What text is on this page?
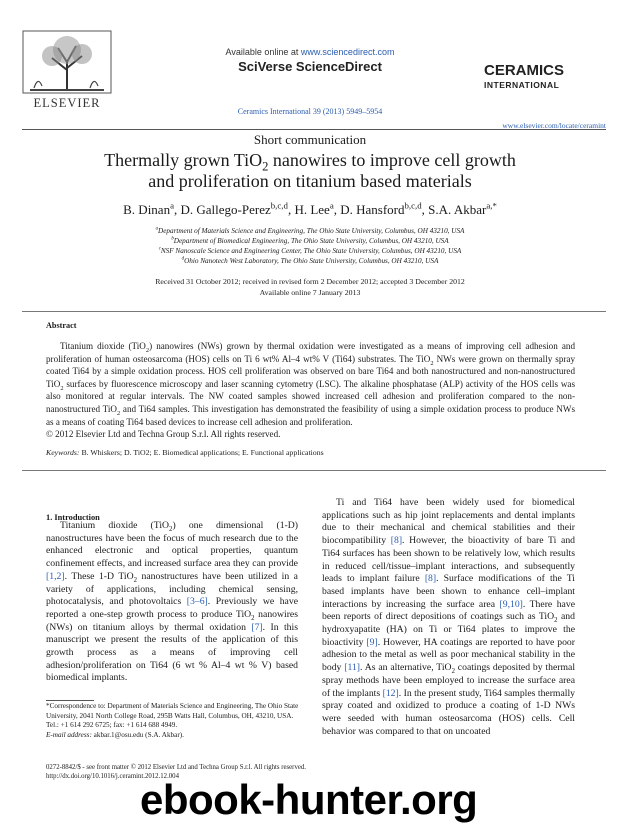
ELSEVIER
Available online at www.sciencedirect.com
SciVerse ScienceDirect
Ceramics International 39 (2013) 5949–5954
CERAMICS
INTERNATIONAL
www.elsevier.com/locate/ceramint
Short communication
Thermally grown TiO$_2$ nanowires to improve cell growth
and proliferation on titanium based materials
B. Dinan$^a$, D. Gallego-Perez$^{b,c,d}$, H. Lee$^a$, D. Hansford$^{b,c,d}$, S.A. Akbar$^{a,*}$
$^a$Department of Materials Science and Engineering, The Ohio State University, Columbus, OH 43210, USA
$^b$Department of Biomedical Engineering, The Ohio State University, Columbus, OH 43210, USA
$^c$NSF Nanoscale Science and Engineering Center, The Ohio State University, Columbus, OH 43210, USA
$^d$Ohio Nanotech West Laboratory, The Ohio State University, Columbus, OH 43210, USA
Received 31 October 2012; received in revised form 2 December 2012; accepted 3 December 2012
Available online 7 January 2013
Abstract
Titanium dioxide (TiO$_2$) nanowires (NWs) grown by thermal oxidation were investigated as a means of improving cell adhesion and proliferation of human osteosarcoma (HOS) cells on Ti 6 wt% Al–4 wt% V (Ti64) substrates. The TiO$_2$ NWs were grown on thermally spray coated Ti64 by a simple oxidation process. HOS cell proliferation was observed on bare Ti64 and both nanostructured and non-nanostructured TiO$_2$ surfaces by fluorescence microscopy and laser scanning cytometry (LSC). The alkaline phosphatase (ALP) activity of the HOS cells was also monitored at regular intervals. The NW coated samples showed increased cell adhesion and proliferation compared to the non-nanostructured TiO$_2$ and Ti64 samples. This investigation has demonstrated the feasibility of using a simple oxidation process to produce NWs as a means of coating Ti64 based devices to increase cell adhesion and proliferation.
© 2012 Elsevier Ltd and Techna Group S.r.l. All rights reserved.
Keywords: B. Whiskers; D. TiO2; E. Biomedical applications; E. Functional applications
1. Introduction

Titanium dioxide (TiO$_2$) one dimensional (1-D) nanostructures have been the focus of much research due to the enhanced electronic and optical properties, quantum confinement effects, and increased surface area they can provide [1,2]. These 1-D TiO$_2$ nanostructures have been utilized in a variety of applications, including chemical sensing, photocatalysis, and photovoltaics [3–6]. Previously we have reported a one-step growth process to produce TiO$_2$ nanowires (NWs) on titanium alloys by thermal oxidation [7]. In this manuscript we present the results of the application of this growth process as a means of improving cell adhesion/proliferation on Ti64 (6 wt % Al–4 wt % V) based biomedical implants.

*Correspondence to: Department of Materials Science and Engineering, The Ohio State University, 2041 North College Road, 295B Watts Hall, Columbus, OH, 43210, USA. Tel.: +1 614 292 6725; fax: +1 614 688 4949.
E-mail address: akbar.1@osu.edu (S.A. Akbar).

Ti and Ti64 have been widely used for biomedical applications such as hip joint replacements and dental implants due to their mechanical and chemical stabilities and their biocompatibility [8]. However, the bioactivity of bare Ti and Ti64 surfaces has been shown to be relatively low, which results in reduced cell/tissue–implant interactions, and subsequently leads to implant failure [8]. Surface modifications of the Ti based implants have been shown to enhance cell–implant interactions by increasing the surface area [9,10]. There have been reports of direct depositions of coatings such as TiO$_2$ and hydroxyapatite (HA) on Ti or Ti64 plates to improve the bioactivity [9]. However, HA coatings are reported to have poor adhesion to the metal as well as poor mechanical stability in the body [11]. As an alternative, TiO$_2$ coatings deposited by thermal spray methods have been employed to increase the surface area of the implants [12]. In the present study, Ti64 samples thermally spray coated and oxidized to produce a coating of 1-D NWs were seeded with human osteosarcoma (HOS) cells. Cell behavior was compared to that on uncoated

0272-8842/$ - see front matter © 2012 Elsevier Ltd and Techna Group S.r.l. All rights reserved.
http://dx.doi.org/10.1016/j.ceramint.2012.12.004
ebook-hunter.org
